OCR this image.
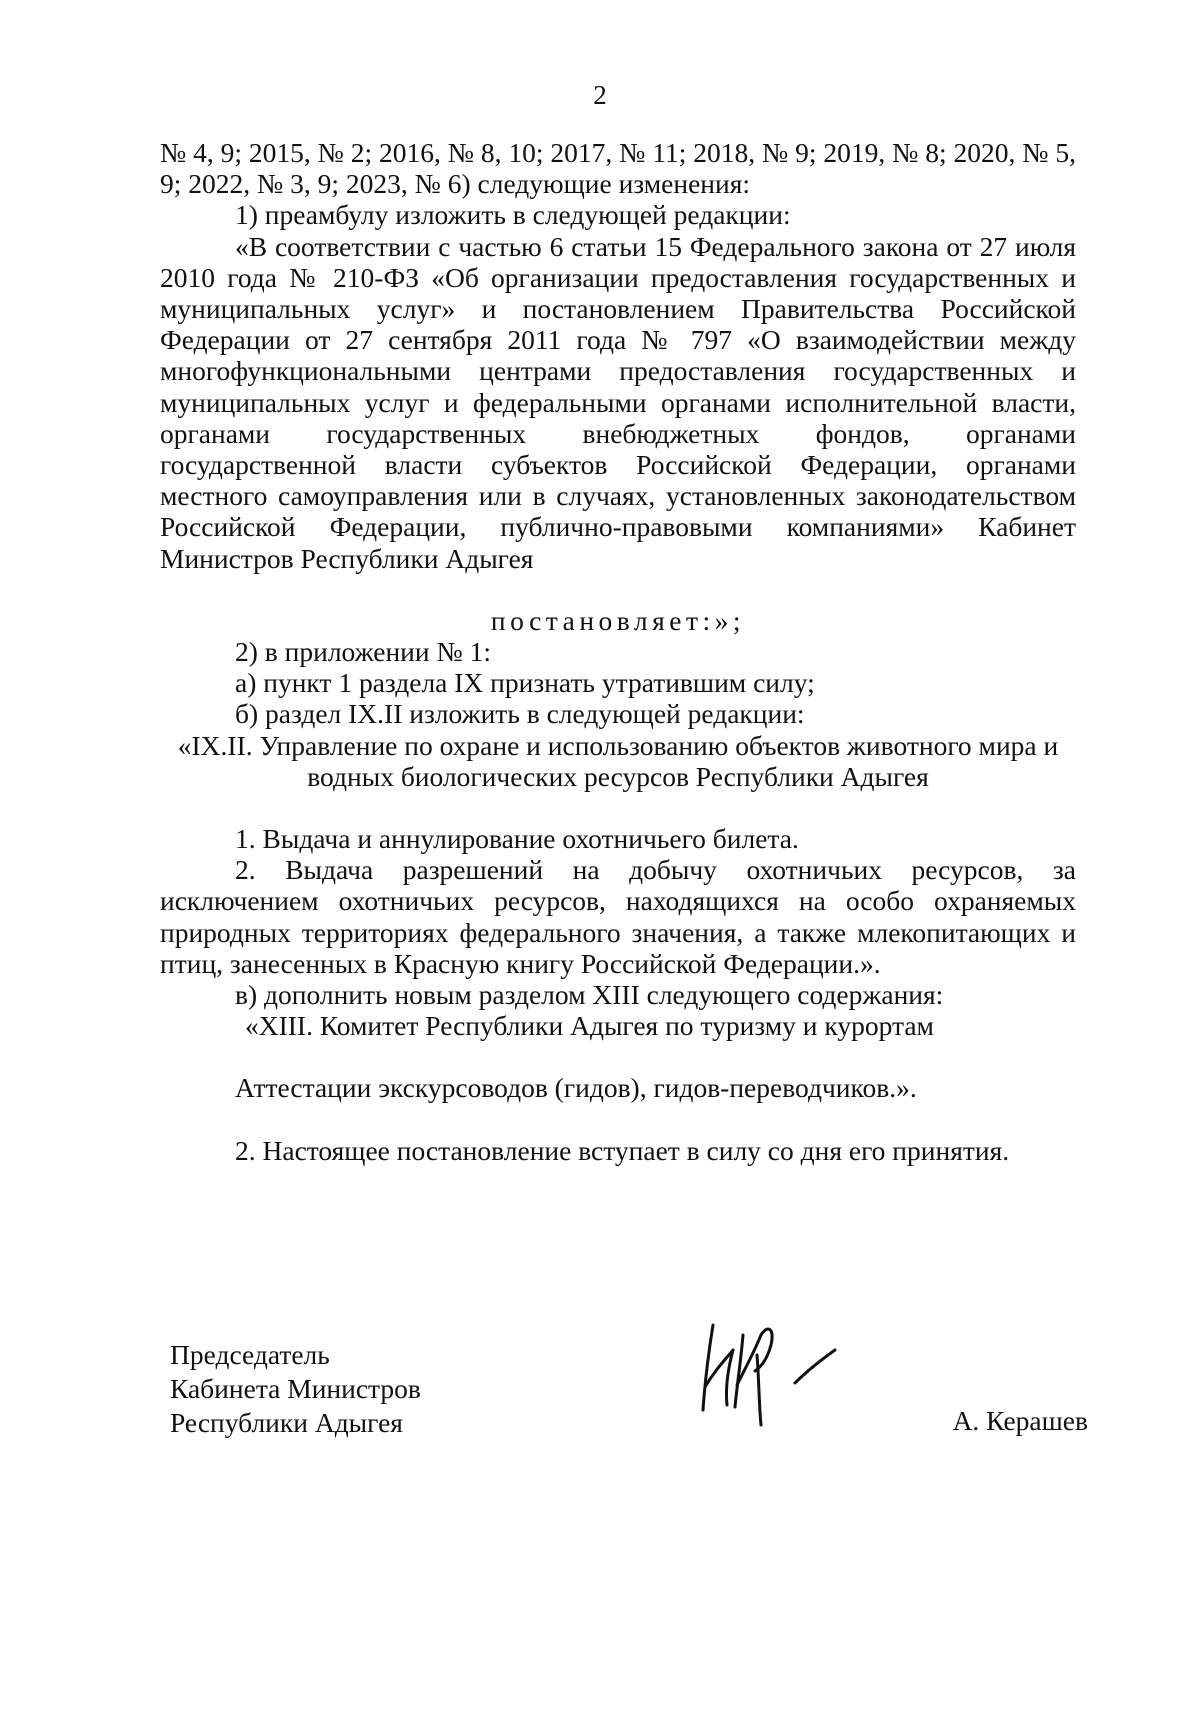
2

№ 4, 9; 2015, № 2; 2016, № 8, 10; 2017, № 11; 2018, № 9; 2019, № 8; 2020, № 5, 9; 2022, № 3, 9; 2023, № 6) следующие изменения:

1) преамбулу изложить в следующей редакции:

«В соответствии с частью 6 статьи 15 Федерального закона от 27 июля 2010 года № 210-ФЗ «Об организации предоставления государственных и муниципальных услуг» и постановлением Правительства Российской Федерации от 27 сентября 2011 года № 797 «О взаимодействии между многофункциональными центрами предоставления государственных и муниципальных услуг и федеральными органами исполнительной власти, органами государственных внебюджетных фондов, органами государственной власти субъектов Российской Федерации, органами местного самоуправления или в случаях, установленных законодательством Российской Федерации, публично-правовыми компаниями» Кабинет Министров Республики Адыгея

постановляет:»;

2) в приложении № 1:

а) пункт 1 раздела IX признать утратившим силу;

б) раздел IX.II изложить в следующей редакции:

«IX.II. Управление по охране и использованию объектов животного мира и водных биологических ресурсов Республики Адыгея

1. Выдача и аннулирование охотничьего билета.

2. Выдача разрешений на добычу охотничьих ресурсов, за исключением охотничьих ресурсов, находящихся на особо охраняемых природных территориях федерального значения, а также млекопитающих и птиц, занесенных в Красную книгу Российской Федерации.».

в) дополнить новым разделом XIII следующего содержания:

«XIII. Комитет Республики Адыгея по туризму и курортам

Аттестации экскурсоводов (гидов), гидов-переводчиков.».

2. Настоящее постановление вступает в силу со дня его принятия.

Председатель
Кабинета Министров
Республики Адыгея	А. Керашев
